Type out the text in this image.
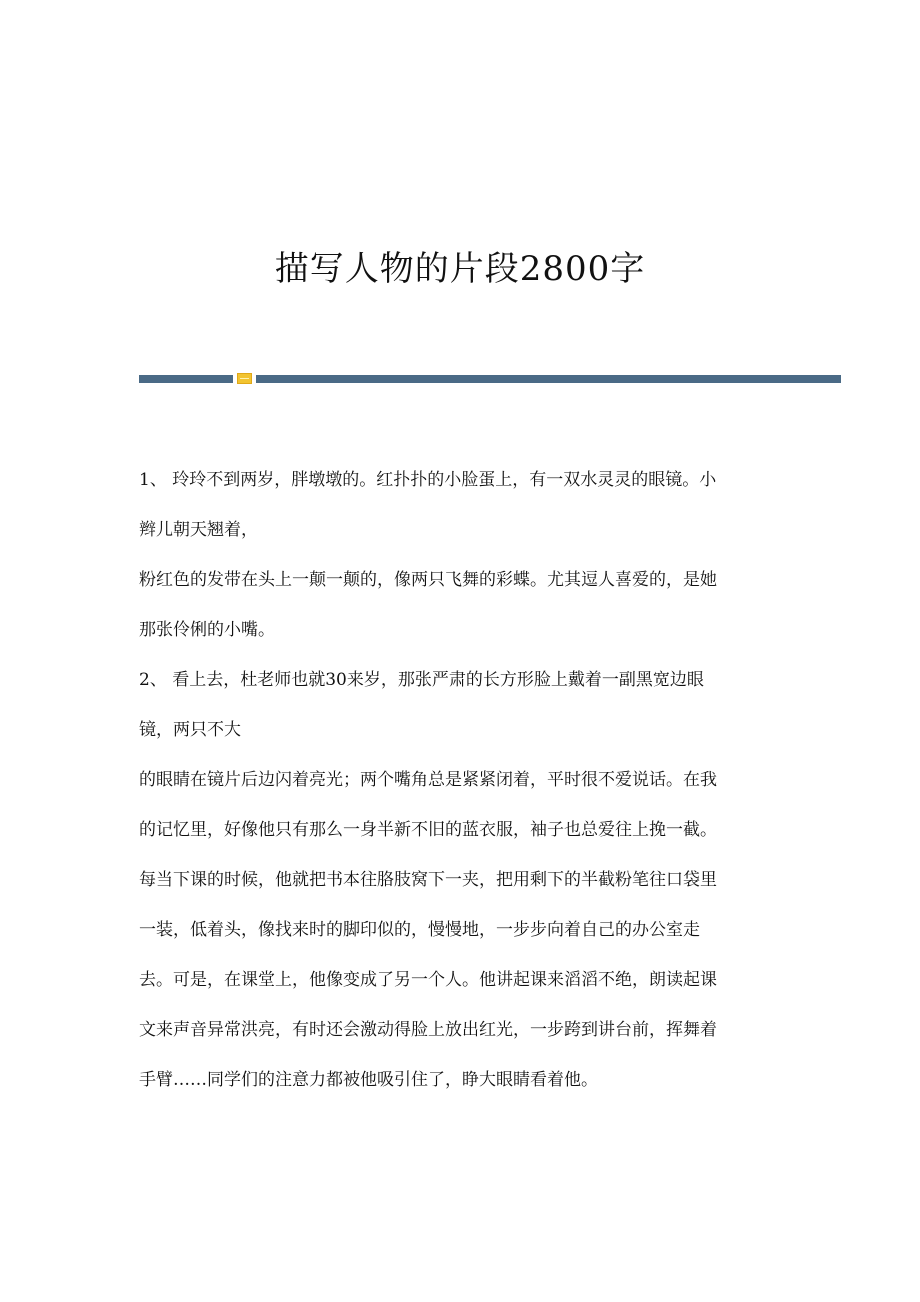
描写人物的片段2800字
1、 玲玲不到两岁，胖墩墩的。红扑扑的小脸蛋上，有一双水灵灵的眼镜。小
辫儿朝天翘着，
粉红色的发带在头上一颠一颠的，像两只飞舞的彩蝶。尤其逗人喜爱的，是她
那张伶俐的小嘴。
2、 看上去，杜老师也就30来岁，那张严肃的长方形脸上戴着一副黑宽边眼
镜，两只不大
的眼睛在镜片后边闪着亮光；两个嘴角总是紧紧闭着，平时很不爱说话。在我
的记忆里，好像他只有那么一身半新不旧的蓝衣服，袖子也总爱往上挽一截。
每当下课的时候，他就把书本往胳肢窝下一夹，把用剩下的半截粉笔往口袋里
一装，低着头，像找来时的脚印似的，慢慢地，一步步向着自己的办公室走
去。可是，在课堂上，他像变成了另一个人。他讲起课来滔滔不绝，朗读起课
文来声音异常洪亮，有时还会激动得脸上放出红光，一步跨到讲台前，挥舞着
手臂……同学们的注意力都被他吸引住了，睁大眼睛看着他。
